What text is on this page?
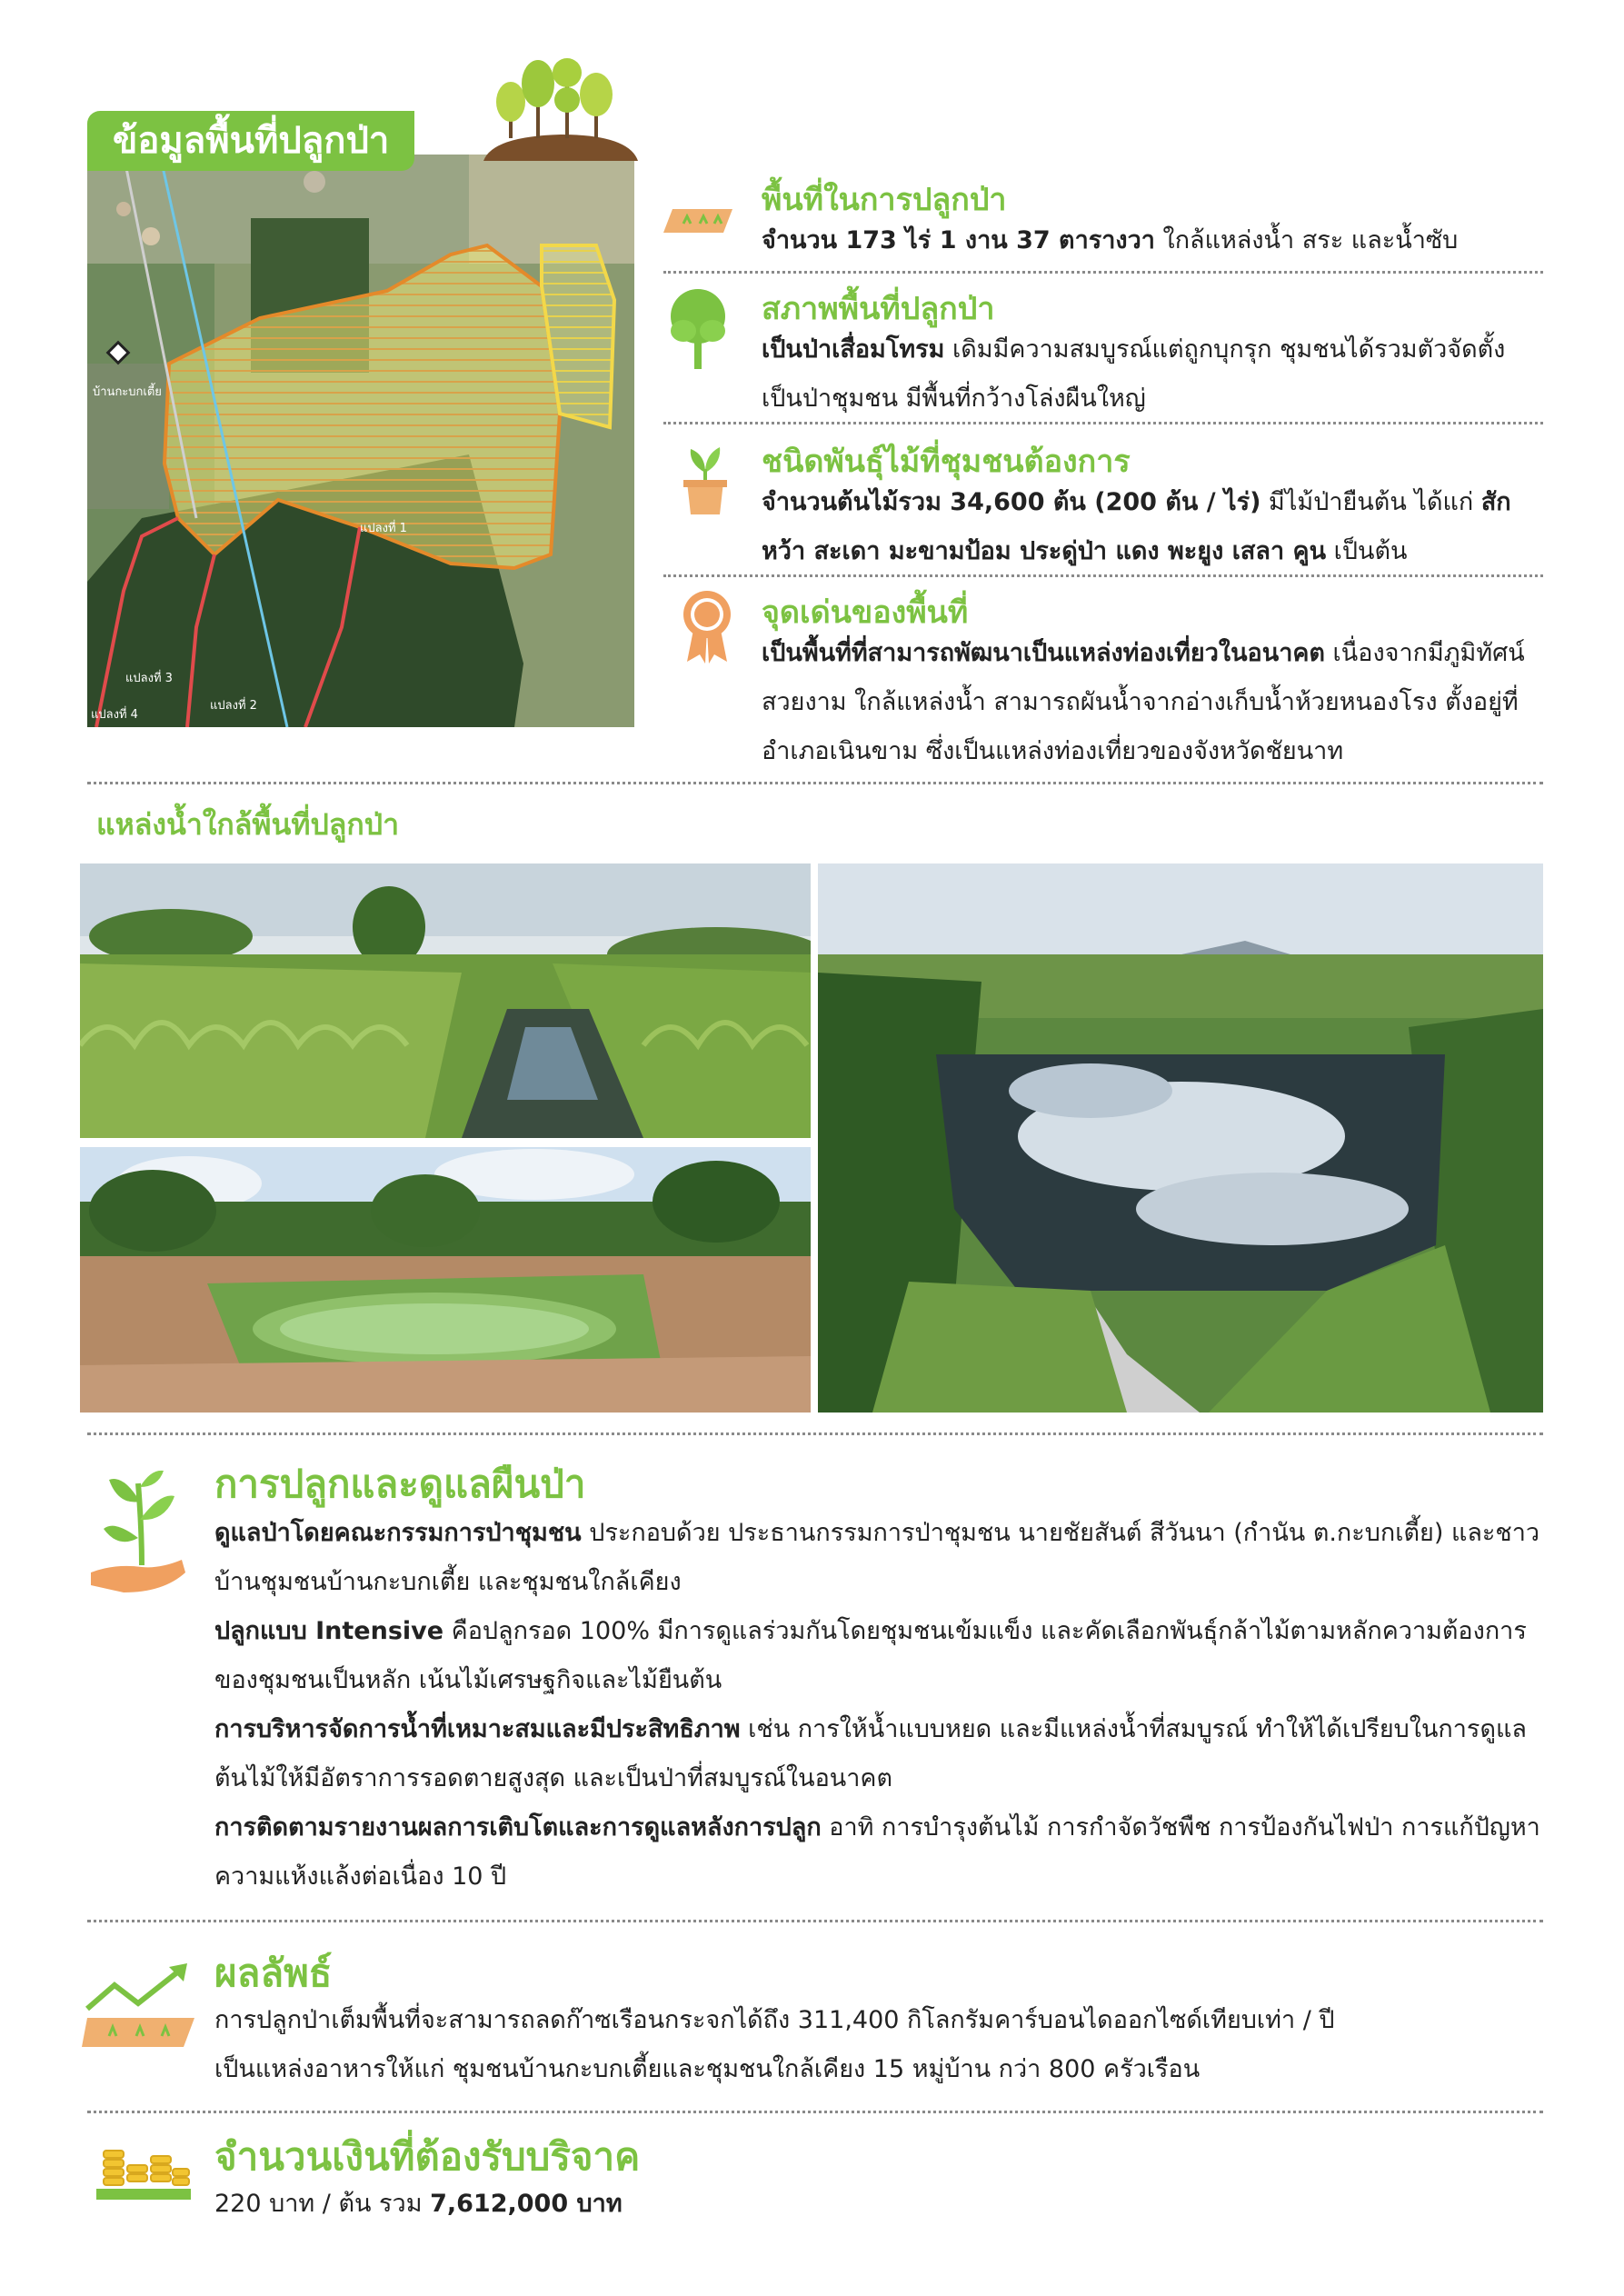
แปลงที่ 1
แปลงที่ 2
แปลงที่ 3
แปลงที่ 4
บ้านกะบกเตี้ย
ข้อมูลพื้นที่ปลูกป่า
พื้นที่ในการปลูกป่า
จำนวน 173 ไร่ 1 งาน 37 ตารางวา ใกล้แหล่งน้ำ สระ และน้ำซับ
สภาพพื้นที่ปลูกป่า
เป็นป่าเสื่อมโทรม เดิมมีความสมบูรณ์แต่ถูกบุกรุก ชุมชนได้รวมตัวจัดตั้งเป็นป่าชุมชน มีพื้นที่กว้างโล่งผืนใหญ่
ชนิดพันธุ์ไม้ที่ชุมชนต้องการ
จำนวนต้นไม้รวม 34,600 ต้น (200 ต้น / ไร่) มีไม้ป่ายืนต้น ได้แก่ สัก หว้า สะเดา มะขามป้อม ประดู่ป่า แดง พะยูง เสลา คูน เป็นต้น
จุดเด่นของพื้นที่
เป็นพื้นที่ที่สามารถพัฒนาเป็นแหล่งท่องเที่ยวในอนาคต เนื่องจากมีภูมิทัศน์สวยงาม ใกล้แหล่งน้ำ สามารถผันน้ำจากอ่างเก็บน้ำห้วยหนองโรง ตั้งอยู่ที่อำเภอเนินขาม ซึ่งเป็นแหล่งท่องเที่ยวของจังหวัดชัยนาท
แหล่งน้ำใกล้พื้นที่ปลูกป่า
การปลูกและดูแลผืนป่า

ดูแลป่าโดยคณะกรรมการป่าชุมชน ประกอบด้วย ประธานกรรมการป่าชุมชน นายชัยสันต์ สีวันนา (กำนัน ต.กะบกเตี้ย) และชาวบ้านชุมชนบ้านกะบกเตี้ย และชุมชนใกล้เคียง

ปลูกแบบ Intensive คือปลูกรอด 100% มีการดูแลร่วมกันโดยชุมชนเข้มแข็ง และคัดเลือกพันธุ์กล้าไม้ตามหลักความต้องการของชุมชนเป็นหลัก เน้นไม้เศรษฐกิจและไม้ยืนต้น

การบริหารจัดการน้ำที่เหมาะสมและมีประสิทธิภาพ เช่น การให้น้ำแบบหยด และมีแหล่งน้ำที่สมบูรณ์ ทำให้ได้เปรียบในการดูแลต้นไม้ให้มีอัตราการรอดตายสูงสุด และเป็นป่าที่สมบูรณ์ในอนาคต

การติดตามรายงานผลการเติบโตและการดูแลหลังการปลูก อาทิ การบำรุงต้นไม้ การกำจัดวัชพืช การป้องกันไฟป่า การแก้ปัญหาความแห้งแล้งต่อเนื่อง 10 ปี

ผลลัพธ์

การปลูกป่าเต็มพื้นที่จะสามารถลดก๊าซเรือนกระจกได้ถึง 311,400 กิโลกรัมคาร์บอนไดออกไซด์เทียบเท่า / ปี

เป็นแหล่งอาหารให้แก่ ชุมชนบ้านกะบกเตี้ยและชุมชนใกล้เคียง 15 หมู่บ้าน กว่า 800 ครัวเรือน

จำนวนเงินที่ต้องรับบริจาค
220 บาท / ต้น รวม 7,612,000 บาท
